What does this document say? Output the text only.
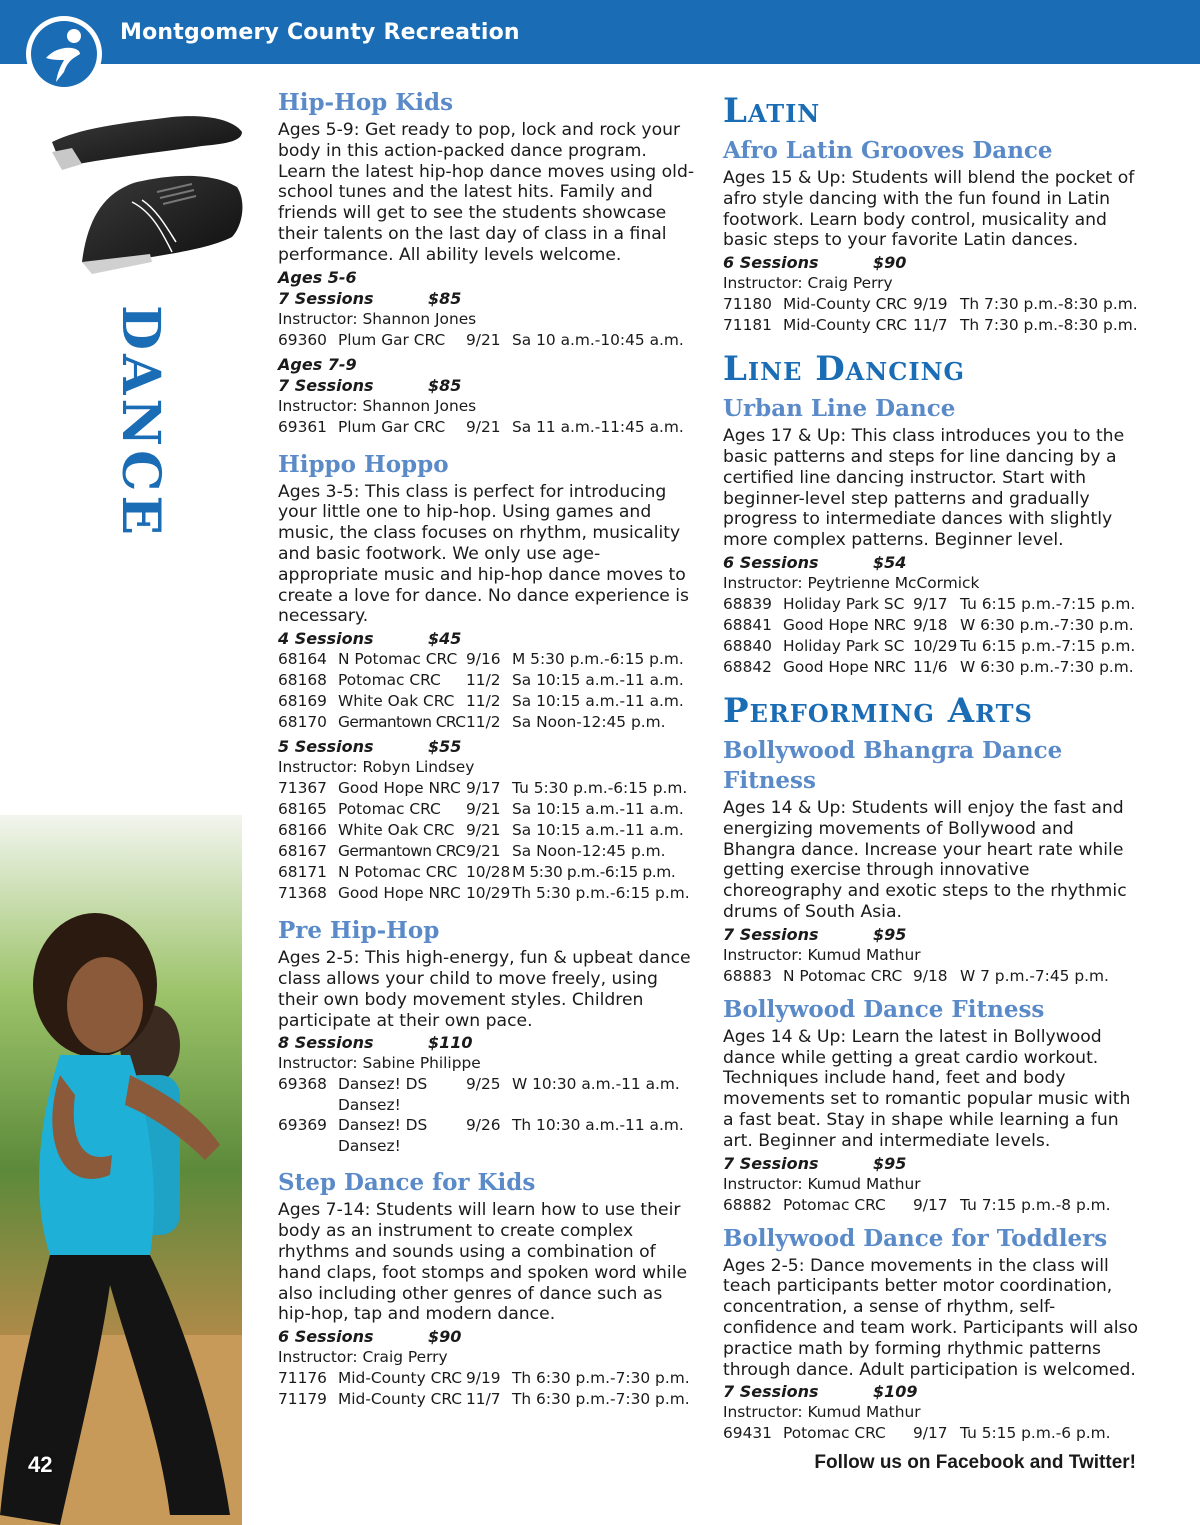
Montgomery County Recreation
DANCE
42	Follow us on Facebook and Twitter!
Hip-Hop Kids
Ages 5-9: Get ready to pop, lock and rock your body in this action-packed dance program. Learn the latest hip-hop dance moves using old-school tunes and the latest hits. Family and friends will get to see the students showcase their talents on the last day of class in a final performance. All ability levels welcome.
Ages 5-6
7 Sessions	$85
Instructor: Shannon Jones
69360 Plum Gar CRC	9/21 Sa 10 a.m.-10:45 a.m.
Ages 7-9
7 Sessions	$85
Instructor: Shannon Jones
69361 Plum Gar CRC	9/21 Sa 11 a.m.-11:45 a.m.
Hippo Hoppo
Ages 3-5: This class is perfect for introducing your little one to hip-hop. Using games and music, the class focuses on rhythm, musicality and basic footwork. We only use age-appropriate music and hip-hop dance moves to create a love for dance. No dance experience is necessary.
4 Sessions	$45
68164 N Potomac CRC 9/16 M 5:30 p.m.-6:15 p.m.
68168 Potomac CRC	11/2 Sa 10:15 a.m.-11 a.m.
68169 White Oak CRC 11/2 Sa 10:15 a.m.-11 a.m.
68170 Germantown CRC 11/2 Sa Noon-12:45 p.m.
5 Sessions	$55
Instructor: Robyn Lindsey
71367 Good Hope NRC 9/17 Tu 5:30 p.m.-6:15 p.m.
68165 Potomac CRC	9/21 Sa 10:15 a.m.-11 a.m.
68166 White Oak CRC 9/21 Sa 10:15 a.m.-11 a.m.
68167 Germantown CRC 9/21 Sa Noon-12:45 p.m.
68171 N Potomac CRC 10/28 M 5:30 p.m.-6:15 p.m.
71368 Good Hope NRC 10/29 Th 5:30 p.m.-6:15 p.m.
Pre Hip-Hop
Ages 2-5: This high-energy, fun & upbeat dance class allows your child to move freely, using their own body movement styles. Children participate at their own pace.
8 Sessions	$110
Instructor: Sabine Philippe
69368 Dansez! DS	9/25 W 10:30 a.m.-11 a.m.
Dansez!
69369 Dansez! DS	9/26 Th 10:30 a.m.-11 a.m.
Dansez!
Step Dance for Kids
Ages 7-14: Students will learn how to use their body as an instrument to create complex rhythms and sounds using a combination of hand claps, foot stomps and spoken word while also including other genres of dance such as hip-hop, tap and modern dance.
6 Sessions	$90
Instructor: Craig Perry
71176 Mid-County CRC 9/19 Th 6:30 p.m.-7:30 p.m.
71179 Mid-County CRC 11/7 Th 6:30 p.m.-7:30 p.m.
Latin
Afro Latin Grooves Dance
Ages 15 & Up: Students will blend the pocket of afro style dancing with the fun found in Latin footwork. Learn body control, musicality and basic steps to your favorite Latin dances.
6 Sessions	$90
Instructor: Craig Perry
71180 Mid-County CRC 9/19 Th 7:30 p.m.-8:30 p.m.
71181 Mid-County CRC 11/7 Th 7:30 p.m.-8:30 p.m.
Line Dancing
Urban Line Dance
Ages 17 & Up: This class introduces you to the basic patterns and steps for line dancing by a certified line dancing instructor. Start with beginner-level step patterns and gradually progress to intermediate dances with slightly more complex patterns. Beginner level.
6 Sessions	$54
Instructor: Peytrienne McCormick
68839 Holiday Park SC 9/17 Tu 6:15 p.m.-7:15 p.m.
68841 Good Hope NRC 9/18 W 6:30 p.m.-7:30 p.m.
68840 Holiday Park SC 10/29 Tu 6:15 p.m.-7:15 p.m.
68842 Good Hope NRC 11/6 W 6:30 p.m.-7:30 p.m.
Performing Arts
Bollywood Bhangra Dance Fitness
Ages 14 & Up: Students will enjoy the fast and energizing movements of Bollywood and Bhangra dance. Increase your heart rate while getting exercise through innovative choreography and exotic steps to the rhythmic drums of South Asia.
7 Sessions	$95
Instructor: Kumud Mathur
68883 N Potomac CRC 9/18 W 7 p.m.-7:45 p.m.
Bollywood Dance Fitness
Ages 14 & Up: Learn the latest in Bollywood dance while getting a great cardio workout. Techniques include hand, feet and body movements set to romantic popular music with a fast beat. Stay in shape while learning a fun art. Beginner and intermediate levels.
7 Sessions	$95
Instructor: Kumud Mathur
68882 Potomac CRC	9/17 Tu 7:15 p.m.-8 p.m.
Bollywood Dance for Toddlers
Ages 2-5: Dance movements in the class will teach participants better motor coordination, concentration, a sense of rhythm, self-confidence and team work. Participants will also practice math by forming rhythmic patterns through dance. Adult participation is welcomed.
7 Sessions	$109
Instructor: Kumud Mathur
69431 Potomac CRC	9/17 Tu 5:15 p.m.-6 p.m.
